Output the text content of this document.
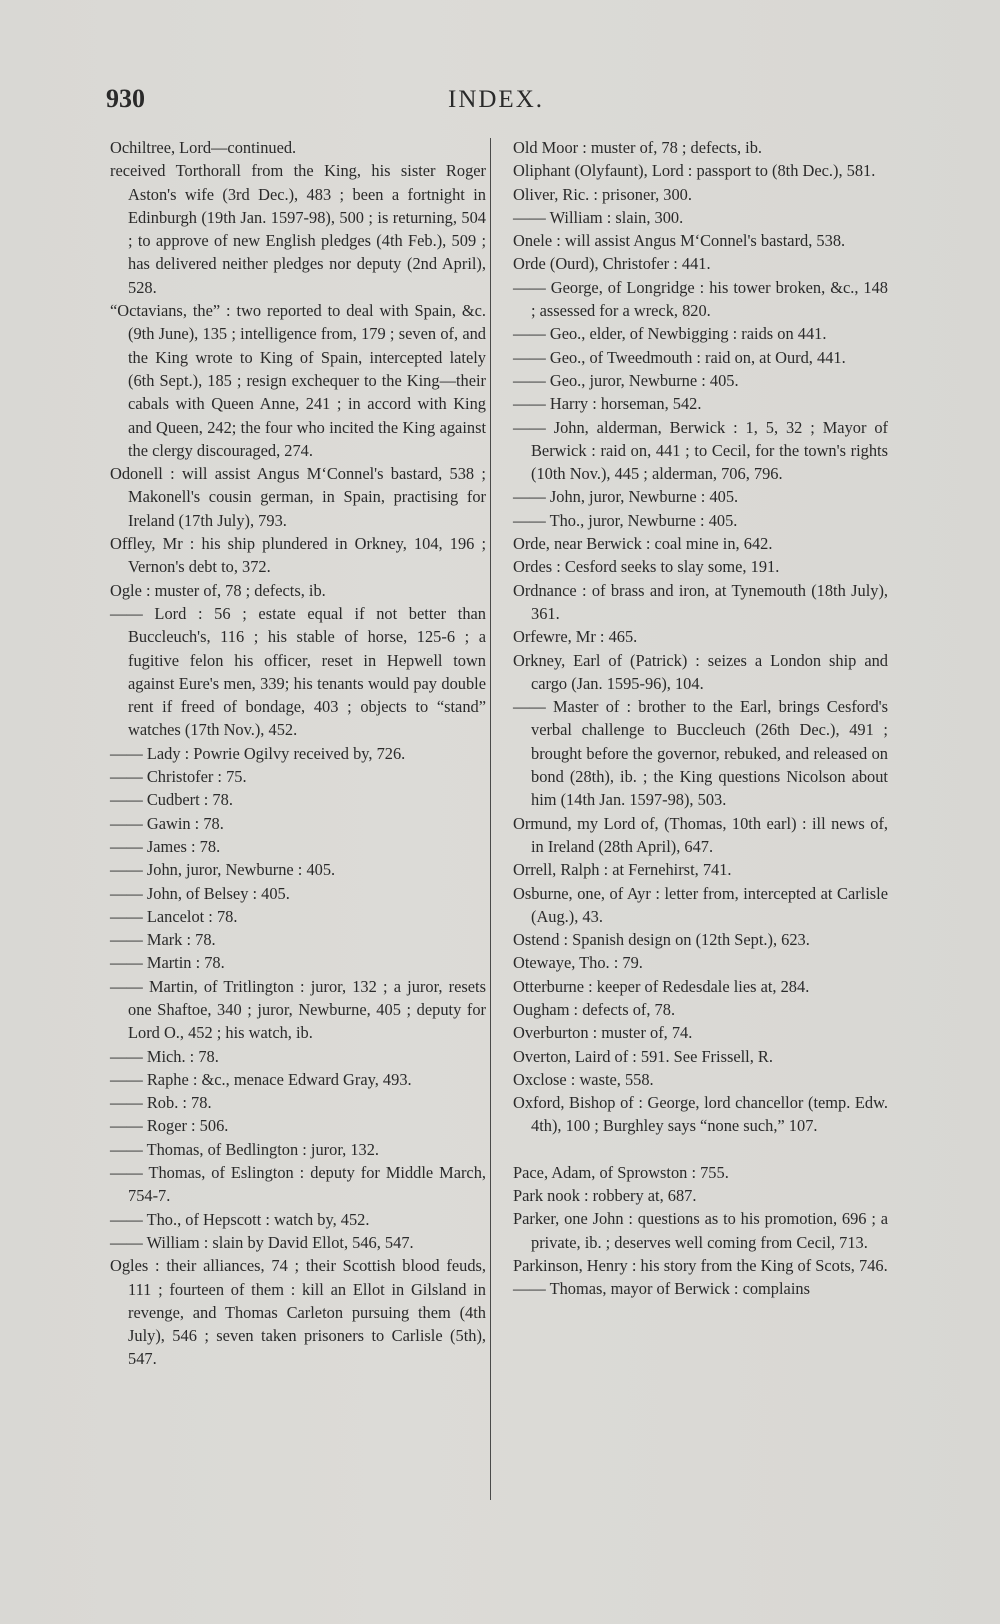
930	INDEX.

Ochiltree, Lord—continued.

received Torthorall from the King, his sister Roger Aston's wife (3rd Dec.), 483 ; been a fortnight in Edinburgh (19th Jan. 1597-98), 500 ; is returning, 504 ; to approve of new English pledges (4th Feb.), 509 ; has delivered neither pledges nor deputy (2nd April), 528.

“Octavians, the” : two reported to deal with Spain, &c. (9th June), 135 ; intelligence from, 179 ; seven of, and the King wrote to King of Spain, intercepted lately (6th Sept.), 185 ; resign exchequer to the King—their cabals with Queen Anne, 241 ; in accord with King and Queen, 242; the four who incited the King against the clergy discouraged, 274.

Odonell : will assist Angus M‘Connel's bastard, 538 ; Makonell's cousin german, in Spain, practising for Ireland (17th July), 793.

Offley, Mr : his ship plundered in Orkney, 104, 196 ; Vernon's debt to, 372.

Ogle : muster of, 78 ; defects, ib.

—— Lord : 56 ; estate equal if not better than Buccleuch's, 116 ; his stable of horse, 125-6 ; a fugitive felon his officer, reset in Hepwell town against Eure's men, 339; his tenants would pay double rent if freed of bondage, 403 ; objects to “stand” watches (17th Nov.), 452.

—— Lady : Powrie Ogilvy received by, 726.

—— Christofer : 75.

—— Cudbert : 78.

—— Gawin : 78.

—— James : 78.

—— John, juror, Newburne : 405.

—— John, of Belsey : 405.

—— Lancelot : 78.

—— Mark : 78.

—— Martin : 78.

—— Martin, of Tritlington : juror, 132 ; a juror, resets one Shaftoe, 340 ; juror, Newburne, 405 ; deputy for Lord O., 452 ; his watch, ib.

—— Mich. : 78.

—— Raphe : &c., menace Edward Gray, 493.

—— Rob. : 78.

—— Roger : 506.

—— Thomas, of Bedlington : juror, 132.

—— Thomas, of Eslington : deputy for Middle March, 754-7.

—— Tho., of Hepscott : watch by, 452.

—— William : slain by David Ellot, 546, 547.

Ogles : their alliances, 74 ; their Scottish blood feuds, 111 ; fourteen of them : kill an Ellot in Gilsland in revenge, and Thomas Carleton pursuing them (4th July), 546 ; seven taken prisoners to Carlisle (5th), 547.

Old Moor : muster of, 78 ; defects, ib.

Oliphant (Olyfaunt), Lord : passport to (8th Dec.), 581.

Oliver, Ric. : prisoner, 300.

—— William : slain, 300.

Onele : will assist Angus M‘Connel's bastard, 538.

Orde (Ourd), Christofer : 441.

—— George, of Longridge : his tower broken, &c., 148 ; assessed for a wreck, 820.

—— Geo., elder, of Newbigging : raids on 441.

—— Geo., of Tweedmouth : raid on, at Ourd, 441.

—— Geo., juror, Newburne : 405.

—— Harry : horseman, 542.

—— John, alderman, Berwick : 1, 5, 32 ; Mayor of Berwick : raid on, 441 ; to Cecil, for the town's rights (10th Nov.), 445 ; alderman, 706, 796.

—— John, juror, Newburne : 405.

—— Tho., juror, Newburne : 405.

Orde, near Berwick : coal mine in, 642.

Ordes : Cesford seeks to slay some, 191.

Ordnance : of brass and iron, at Tynemouth (18th July), 361.

Orfewre, Mr : 465.

Orkney, Earl of (Patrick) : seizes a London ship and cargo (Jan. 1595-96), 104.

—— Master of : brother to the Earl, brings Cesford's verbal challenge to Buccleuch (26th Dec.), 491 ; brought before the governor, rebuked, and released on bond (28th), ib. ; the King questions Nicolson about him (14th Jan. 1597-98), 503.

Ormund, my Lord of, (Thomas, 10th earl) : ill news of, in Ireland (28th April), 647.

Orrell, Ralph : at Fernehirst, 741.

Osburne, one, of Ayr : letter from, intercepted at Carlisle (Aug.), 43.

Ostend : Spanish design on (12th Sept.), 623.

Otewaye, Tho. : 79.

Otterburne : keeper of Redesdale lies at, 284.

Ougham : defects of, 78.

Overburton : muster of, 74.

Overton, Laird of : 591. See Frissell, R.

Oxclose : waste, 558.

Oxford, Bishop of : George, lord chancellor (temp. Edw. 4th), 100 ; Burghley says “none such,” 107.

Pace, Adam, of Sprowston : 755.

Park nook : robbery at, 687.

Parker, one John : questions as to his promotion, 696 ; a private, ib. ; deserves well coming from Cecil, 713.

Parkinson, Henry : his story from the King of Scots, 746.

—— Thomas, mayor of Berwick : complains
